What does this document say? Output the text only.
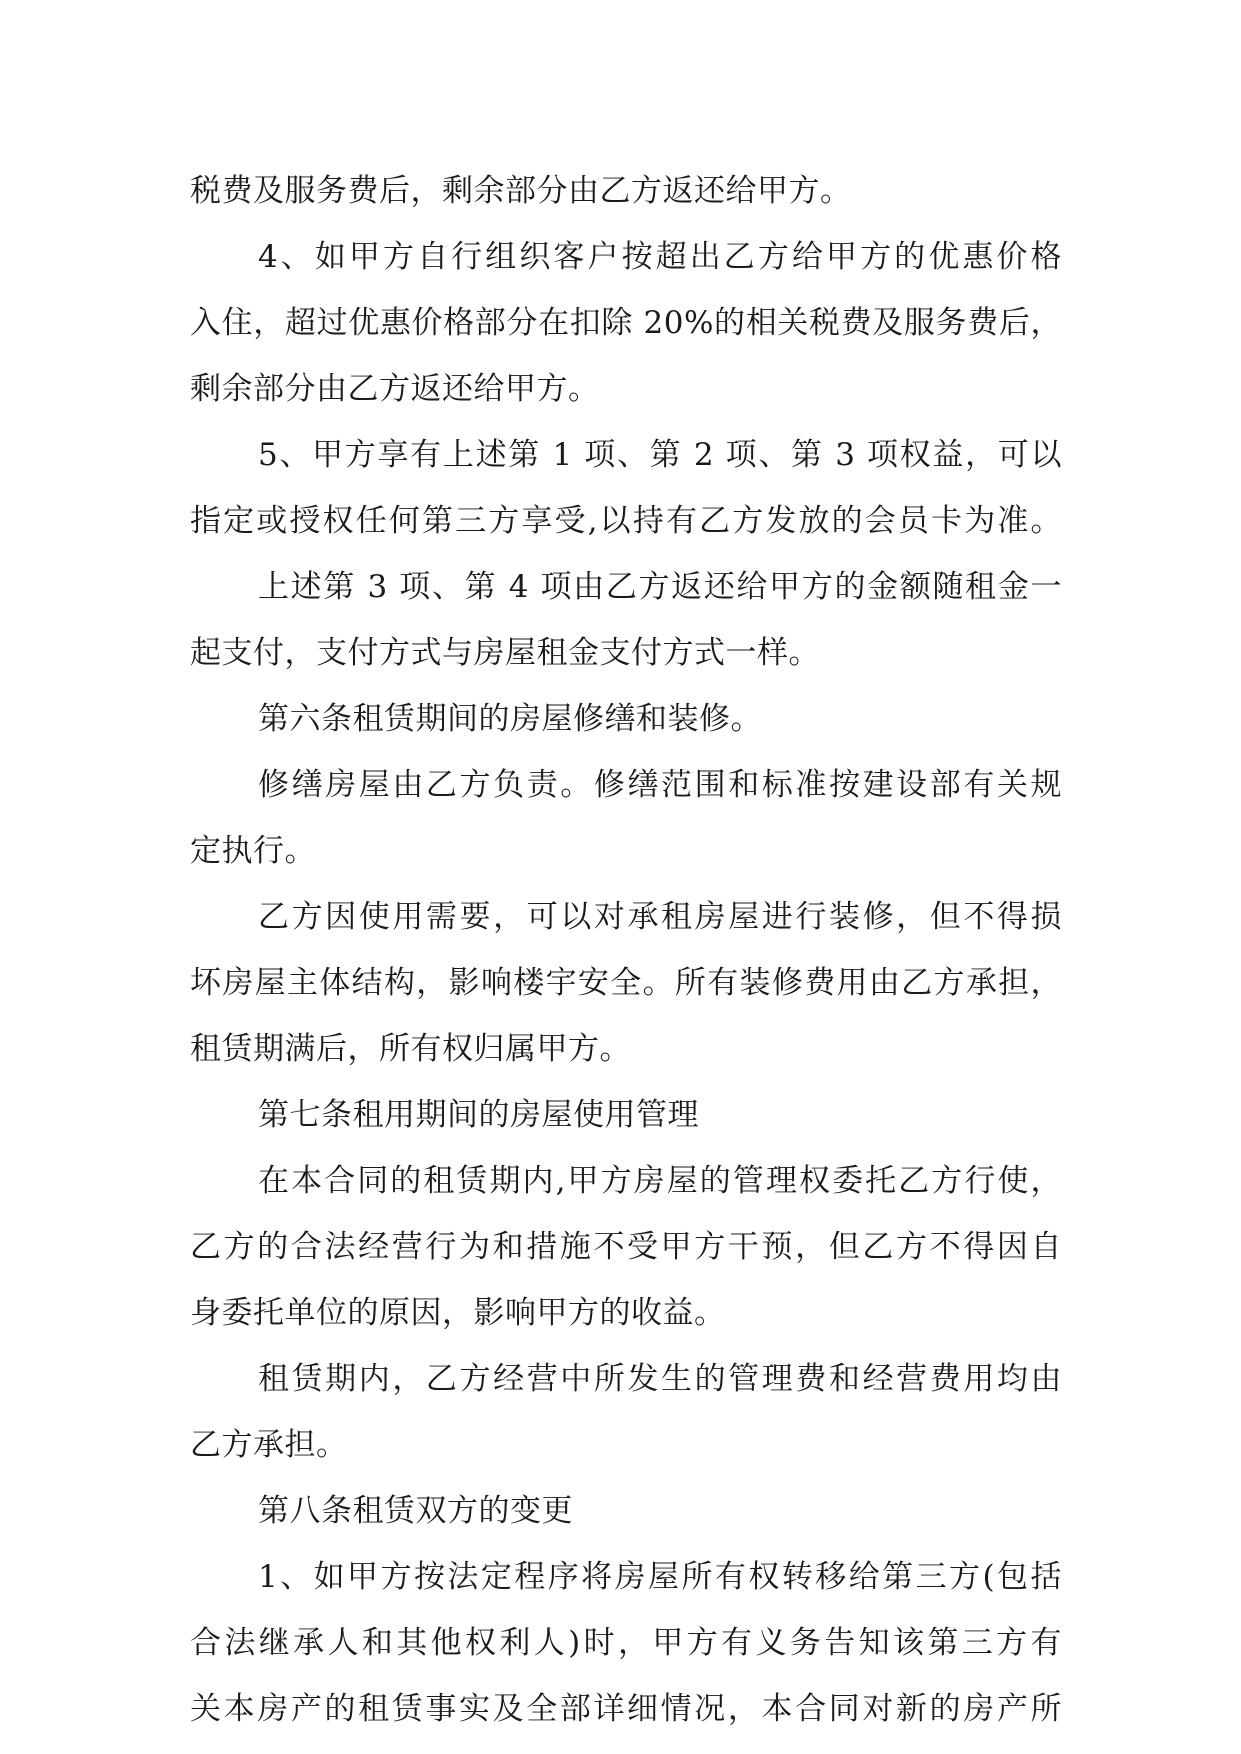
税费及服务费后，剩余部分由乙方返还给甲方。
4、如甲方自行组织客户按超出乙方给甲方的优惠价格
入住，超过优惠价格部分在扣除 20%的相关税费及服务费后，
剩余部分由乙方返还给甲方。
5、甲方享有上述第 1 项、第 2 项、第 3 项权益，可以
指定或授权任何第三方享受,以持有乙方发放的会员卡为准。
上述第 3 项、第 4 项由乙方返还给甲方的金额随租金一
起支付，支付方式与房屋租金支付方式一样。
第六条租赁期间的房屋修缮和装修。
修缮房屋由乙方负责。修缮范围和标准按建设部有关规
定执行。
乙方因使用需要，可以对承租房屋进行装修，但不得损
坏房屋主体结构，影响楼宇安全。所有装修费用由乙方承担，
租赁期满后，所有权归属甲方。
第七条租用期间的房屋使用管理
在本合同的租赁期内,甲方房屋的管理权委托乙方行使，
乙方的合法经营行为和措施不受甲方干预，但乙方不得因自
身委托单位的原因，影响甲方的收益。
租赁期内，乙方经营中所发生的管理费和经营费用均由
乙方承担。
第八条租赁双方的变更
1、如甲方按法定程序将房屋所有权转移给第三方(包括
合法继承人和其他权利人)时，甲方有义务告知该第三方有
关本房产的租赁事实及全部详细情况，本合同对新的房产所
